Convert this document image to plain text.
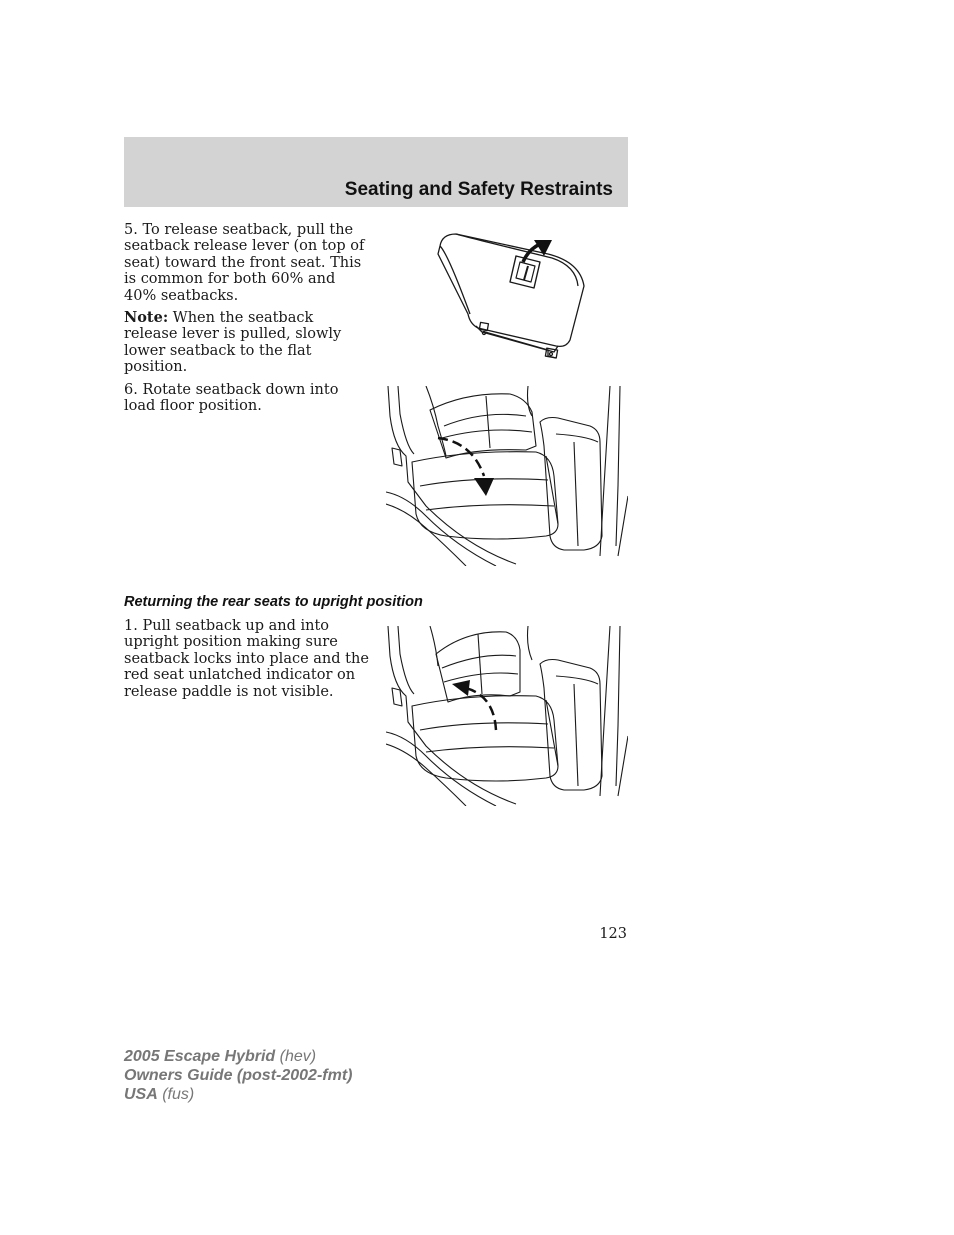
Seating and Safety Restraints

5. To release seatback, pull the seatback release lever (on top of seat) toward the front seat. This is common for both 60% and 40% seatbacks.

Note: When the seatback release lever is pulled, slowly lower seatback to the flat position.

6. Rotate seatback down into load floor position.

Returning the rear seats to upright position

1. Pull seatback up and into upright position making sure seatback locks into place and the red seat unlatched indicator on release paddle is not visible.

123
2005 Escape Hybrid (hev)
Owners Guide (post-2002-fmt)
USA (fus)
